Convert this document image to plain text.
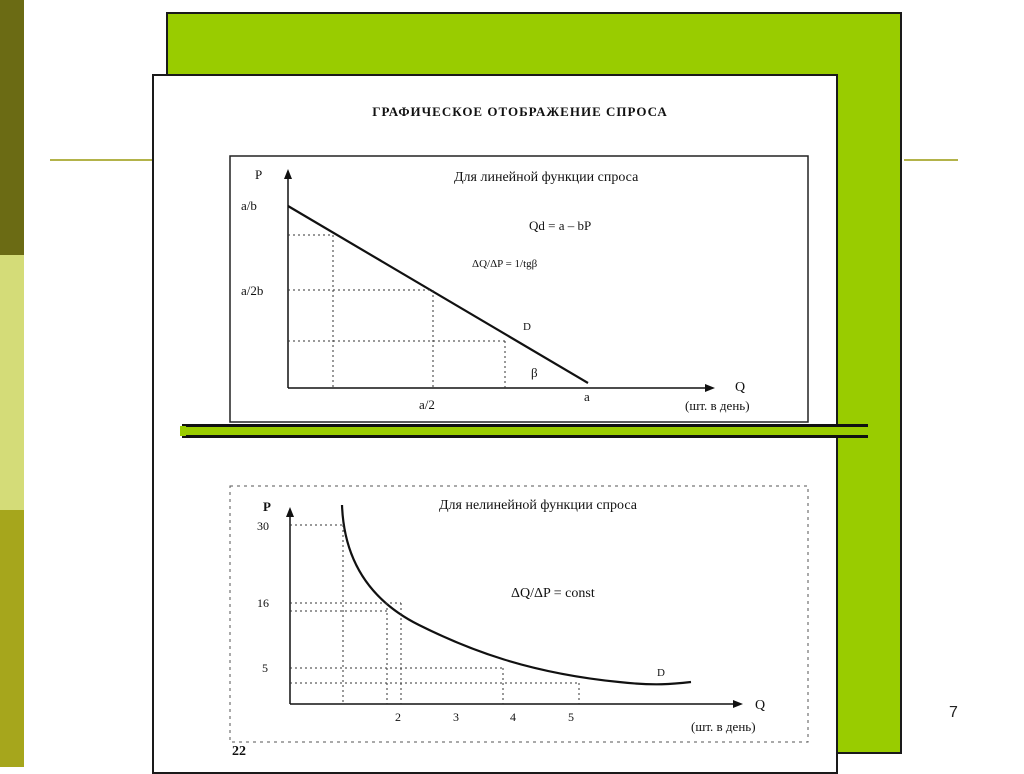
ГРАФИЧЕСКОЕ ОТОБРАЖЕНИЕ СПРОСА
P
Q
a/b
a/2b
a/2
a
(шт. в день)
Для линейной функции спроса
Qd = a – bP
ΔQ/ΔP = 1/tgβ
D
β
P
Q
30
16
5
2	3	4	5
(шт. в день)
Для нелинейной функции спроса
ΔQ/ΔP = const
D
22
7
